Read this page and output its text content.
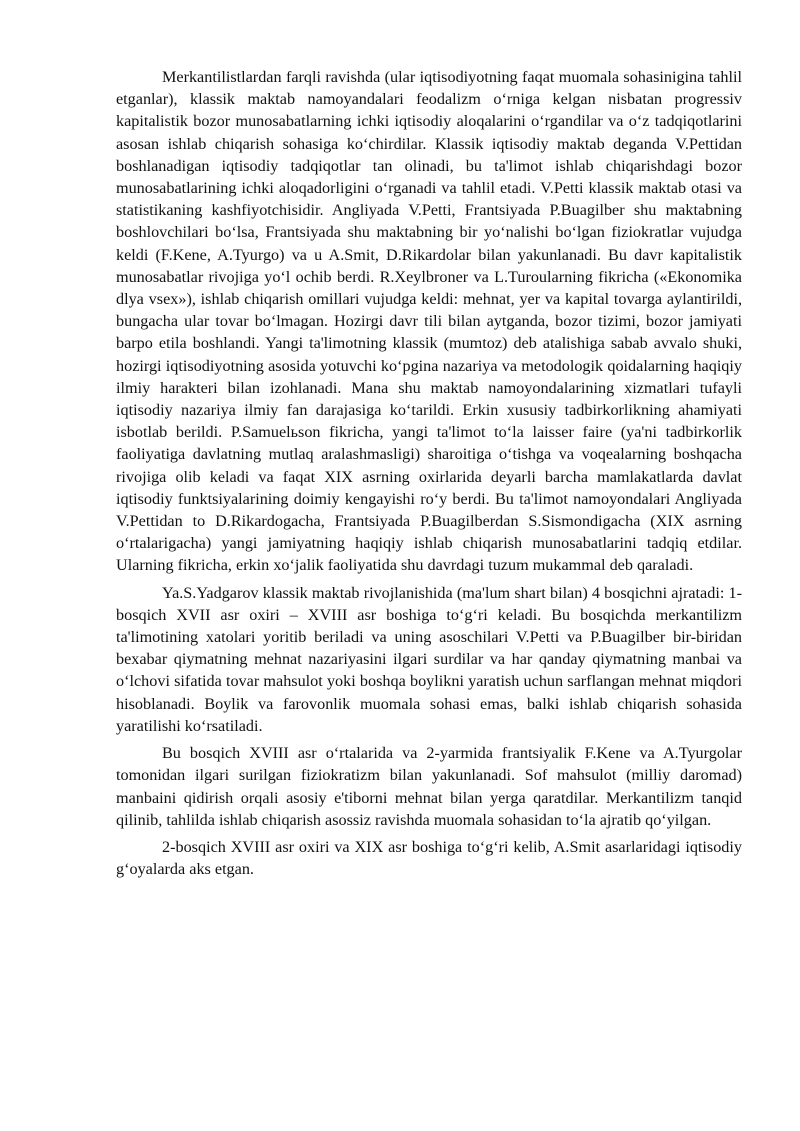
Merkantilistlardan farqli ravishda (ular iqtisodiyotning faqat muomala sohasinigina tahlil etganlar), klassik maktab namoyandalari feodalizm o‘rniga kelgan nisbatan progressiv kapitalistik bozor munosabatlarning ichki iqtisodiy aloqalarini o‘rgandilar va o‘z tadqiqotlarini asosan ishlab chiqarish sohasiga ko‘chirdilar. Klassik iqtisodiy maktab deganda V.Pettidan boshlanadigan iqtisodiy tadqiqotlar tan olinadi, bu ta'limot ishlab chiqarishdagi bozor munosabatlarining ichki aloqadorligini o‘rganadi va tahlil etadi. V.Petti klassik maktab otasi va statistikaning kashfiyotchisidir. Angliyada V.Petti, Frantsiyada P.Buagilber shu maktabning boshlovchilari bo‘lsa, Frantsiyada shu maktabning bir yo‘nalishi bo‘lgan fiziokratlar vujudga keldi (F.Kene, A.Tyurgo) va u A.Smit, D.Rikardolar bilan yakunlanadi. Bu davr kapitalistik munosabatlar rivojiga yo‘l ochib berdi. R.Xeylbroner va L.Turoularning fikricha («Ekonomika dlya vsex»), ishlab chiqarish omillari vujudga keldi: mehnat, yer va kapital tovarga aylantirildi, bungacha ular tovar bo‘lmagan. Hozirgi davr tili bilan aytganda, bozor tizimi, bozor jamiyati barpo etila boshlandi. Yangi ta'limotning klassik (mumtoz) deb atalishiga sabab avvalo shuki, hozirgi iqtisodiyotning asosida yotuvchi ko‘pgina nazariya va metodologik qoidalarning haqiqiy ilmiy harakteri bilan izohlanadi. Mana shu maktab namoyondalarining xizmatlari tufayli iqtisodiy nazariya ilmiy fan darajasiga ko‘tarildi. Erkin xususiy tadbirkorlikning ahamiyati isbotlab berildi. P.Samuelьson fikricha, yangi ta'limot to‘la laisser faire (ya'ni tadbirkorlik faoliyatiga davlatning mutlaq aralashmasligi) sharoitiga o‘tishga va voqealarning boshqacha rivojiga olib keladi va faqat XIX asrning oxirlarida deyarli barcha mamlakatlarda davlat iqtisodiy funktsiyalarining doimiy kengayishi ro‘y berdi. Bu ta'limot namoyondalari Angliyada V.Pettidan to D.Rikardogacha, Frantsiyada P.Buagilberdan S.Sismondigacha (XIX asrning o‘rtalarigacha) yangi jamiyatning haqiqiy ishlab chiqarish munosabatlarini tadqiq etdilar. Ularning fikricha, erkin xo‘jalik faoliyatida shu davrdagi tuzum mukammal deb qaraladi.

Ya.S.Yadgarov klassik maktab rivojlanishida (ma'lum shart bilan) 4 bosqichni ajratadi: 1-bosqich XVII asr oxiri – XVIII asr boshiga to‘g‘ri keladi. Bu bosqichda merkantilizm ta'limotining xatolari yoritib beriladi va uning asoschilari V.Petti va P.Buagilber bir-biridan bexabar qiymatning mehnat nazariyasini ilgari surdilar va har qanday qiymatning manbai va o‘lchovi sifatida tovar mahsulot yoki boshqa boylikni yaratish uchun sarflangan mehnat miqdori hisoblanadi. Boylik va farovonlik muomala sohasi emas, balki ishlab chiqarish sohasida yaratilishi ko‘rsatiladi.

Bu bosqich XVIII asr o‘rtalarida va 2-yarmida frantsiyalik F.Kene va A.Tyurgolar tomonidan ilgari surilgan fiziokratizm bilan yakunlanadi. Sof mahsulot (milliy daromad) manbaini qidirish orqali asosiy e'tiborni mehnat bilan yerga qaratdilar. Merkantilizm tanqid qilinib, tahlilda ishlab chiqarish asossiz ravishda muomala sohasidan to‘la ajratib qo‘yilgan.

2-bosqich XVIII asr oxiri va XIX asr boshiga to‘g‘ri kelib, A.Smit asarlaridagi iqtisodiy g‘oyalarda aks etgan.
